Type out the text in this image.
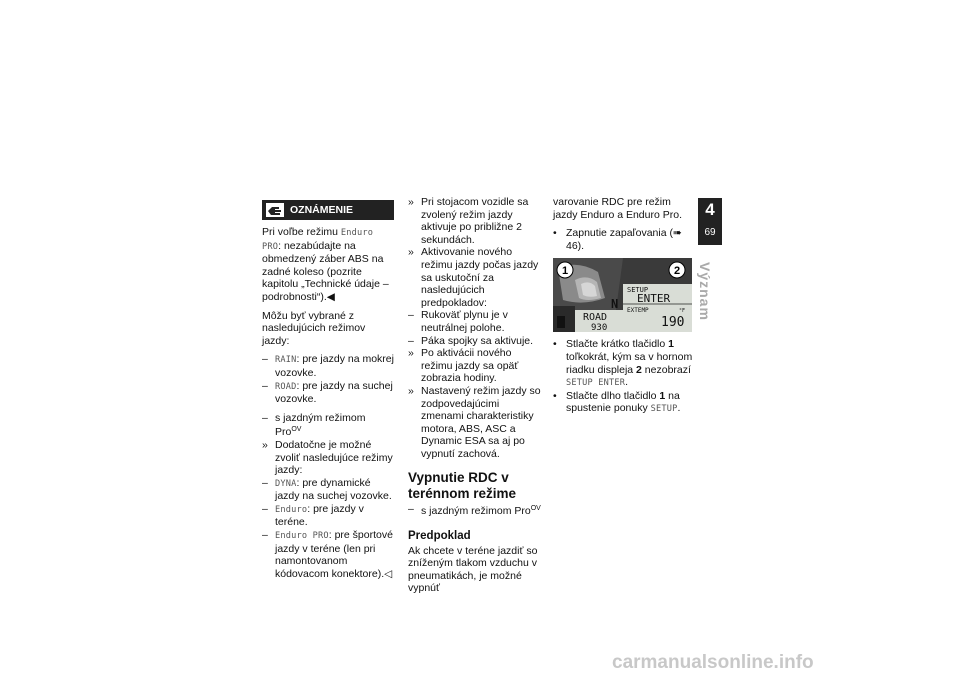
OZNÁMENIE

Pri voľbe režimu Enduro PRO: nezabúdajte na obmedzený záber ABS na zadné koleso (pozrite kapitolu „Technické údaje – podrobnosti“).◀

Môžu byť vybrané z nasledujúcich režimov jazdy:

– RAIN: pre jazdy na mokrej vozovke.
– ROAD: pre jazdy na suchej vozovke.
– s jazdným režimom Pro$^{OV}$
» Dodatočne je možné zvoliť nasledujúce režimy jazdy:
– DYNA: pre dynamické jazdy na suchej vozovke.
– Enduro: pre jazdy v teréne.
– Enduro PRO: pre športové jazdy v teréne (len pri namontovanom kódovacom konektore).◁
» Pri stojacom vozidle sa zvolený režim jazdy aktivuje po približne 2 sekundách.
» Aktivovanie nového režimu jazdy počas jazdy sa uskutoční za nasledujúcich predpokladov:
– Rukoväť plynu je v neutrálnej polohe.
– Páka spojky sa aktivuje.
» Po aktivácii nového režimu jazdy sa opäť zobrazia hodiny.
» Nastavený režim jazdy so zodpovedajúcimi zmenami charakteristiky motora, ABS, ASC a Dynamic ESA sa aj po vypnutí zachová.
Vypnutie RDC v terénnom režime
– s jazdným režimom Pro$^{OV}$
Predpoklad

Ak chcete v teréne jazdiť so zníženým tlakom vzduchu v pneumatikách, je možné vypnúť

varovanie RDC pre režim jazdy Enduro a Enduro Pro.

• Zapnutie zapaľovania (➠ 46).
1	2
SETUP
ENTER
EXTEMP	°F
190
N
ROAD
930
• Stlačte krátko tlačidlo 1 toľkokrát, kým sa v hornom riadku displeja 2 nezobrazí SETUP ENTER.
• Stlačte dlho tlačidlo 1 na spustenie ponuky SETUP.
4
69
Význam
carmanualsonline.info
